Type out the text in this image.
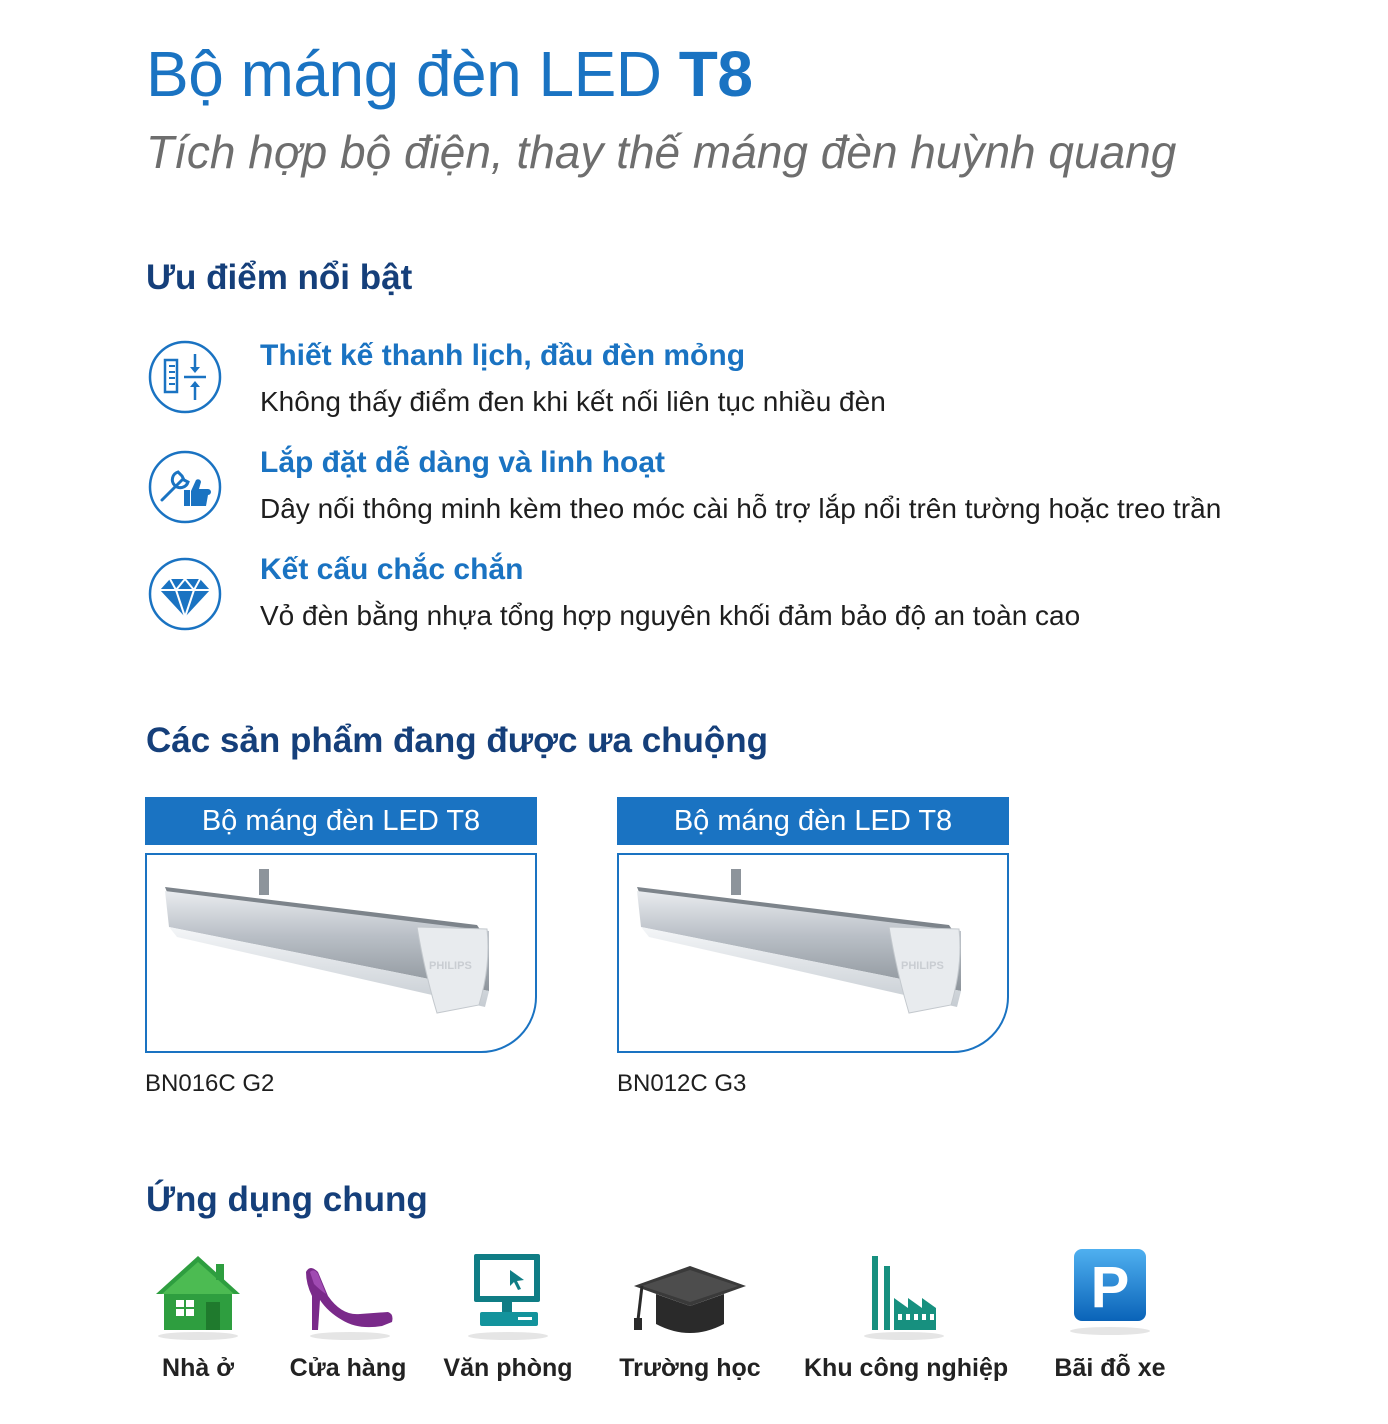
Bộ máng đèn LED T8
Tích hợp bộ điện, thay thế máng đèn huỳnh quang
Ưu điểm nổi bật
Thiết kế thanh lịch, đầu đèn mỏng
Không thấy điểm đen khi kết nối liên tục nhiều đèn
Lắp đặt dễ dàng và linh hoạt
Dây nối thông minh kèm theo móc cài hỗ trợ lắp nổi trên tường hoặc treo trần
Kết cấu chắc chắn
Vỏ đèn bằng nhựa tổng hợp nguyên khối đảm bảo độ an toàn cao
Các sản phẩm đang được ưa chuộng
Bộ máng đèn LED T8
PHILIPS
BN016C G2
Bộ máng đèn LED T8
PHILIPS
BN012C G3
Ứng dụng chung
Nhà ở	Cửa hàng	Văn phòng	Trường học	Khu công nghiệp
P
Bãi đỗ xe
